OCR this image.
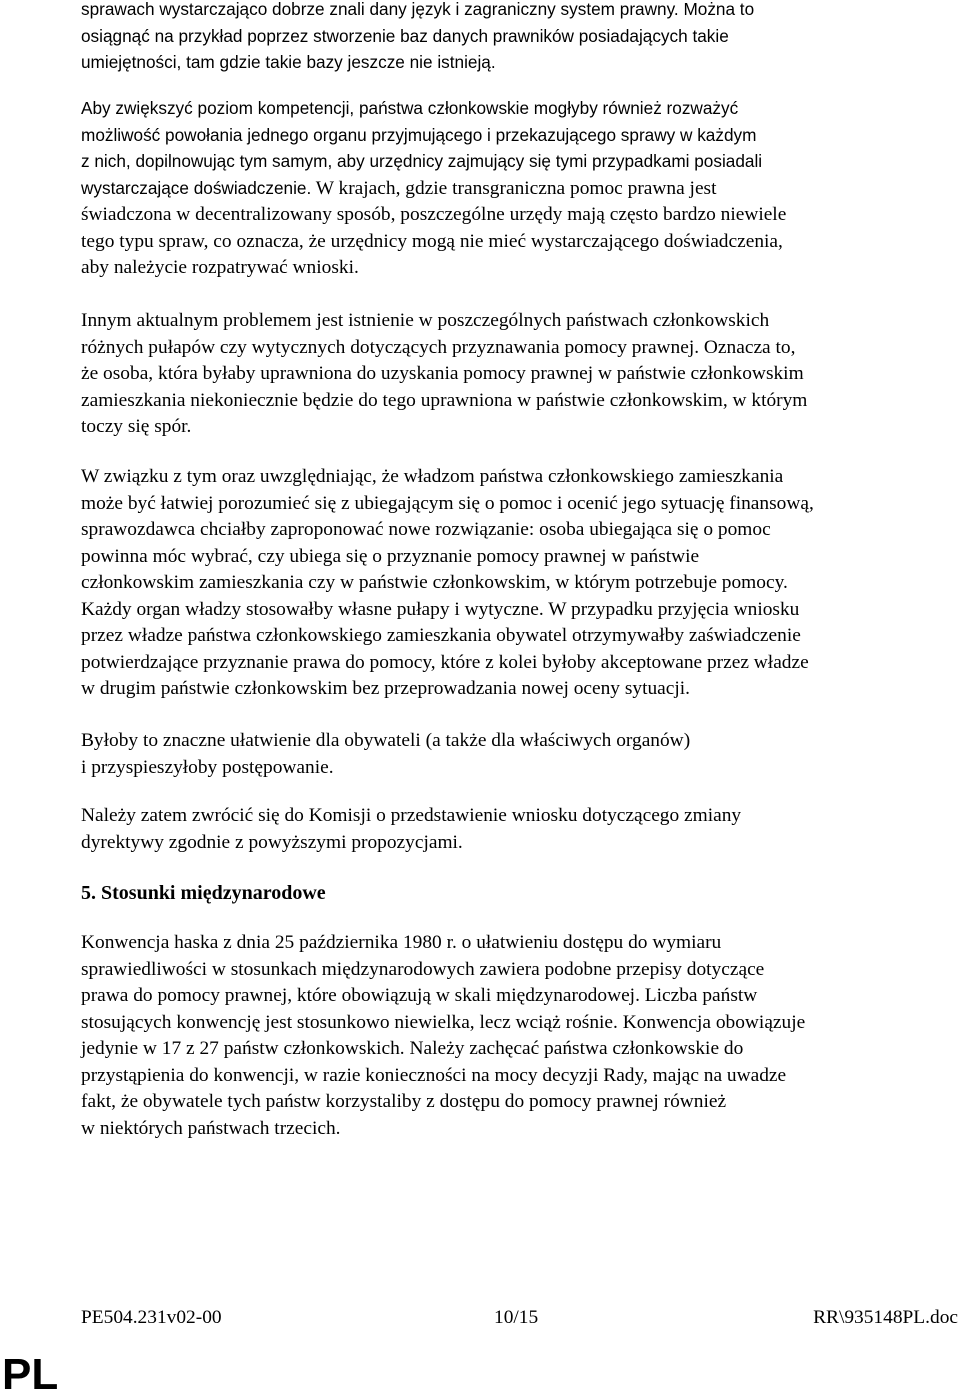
sprawach wystarczająco dobrze znali dany język i zagraniczny system prawny. Można to

osiągnąć na przykład poprzez stworzenie baz danych prawników posiadających takie

umiejętności, tam gdzie takie bazy jeszcze nie istnieją.

Aby zwiększyć poziom kompetencji, państwa członkowskie mogłyby również rozważyć

możliwość powołania jednego organu przyjmującego i przekazującego sprawy w każdym

z nich, dopilnowując tym samym, aby urzędnicy zajmujący się tymi przypadkami posiadali

wystarczające doświadczenie. W krajach, gdzie transgraniczna pomoc prawna jest

świadczona w decentralizowany sposób, poszczególne urzędy mają często bardzo niewiele

tego typu spraw, co oznacza, że urzędnicy mogą nie mieć wystarczającego doświadczenia,

aby należycie rozpatrywać wnioski.

Innym aktualnym problemem jest istnienie w poszczególnych państwach członkowskich

różnych pułapów czy wytycznych dotyczących przyznawania pomocy prawnej. Oznacza to,

że osoba, która byłaby uprawniona do uzyskania pomocy prawnej w państwie członkowskim

zamieszkania niekoniecznie będzie do tego uprawniona w państwie członkowskim, w którym

toczy się spór.

W związku z tym oraz uwzględniając, że władzom państwa członkowskiego zamieszkania

może być łatwiej porozumieć się z ubiegającym się o pomoc i ocenić jego sytuację finansową,

sprawozdawca chciałby zaproponować nowe rozwiązanie: osoba ubiegająca się o pomoc

powinna móc wybrać, czy ubiega się o przyznanie pomocy prawnej w państwie

członkowskim zamieszkania czy w państwie członkowskim, w którym potrzebuje pomocy.

Każdy organ władzy stosowałby własne pułapy i wytyczne. W przypadku przyjęcia wniosku

przez władze państwa członkowskiego zamieszkania obywatel otrzymywałby zaświadczenie

potwierdzające przyznanie prawa do pomocy, które z kolei byłoby akceptowane przez władze

w drugim państwie członkowskim bez przeprowadzania nowej oceny sytuacji.

Byłoby to znaczne ułatwienie dla obywateli (a także dla właściwych organów)

i przyspieszyłoby postępowanie.

Należy zatem zwrócić się do Komisji o przedstawienie wniosku dotyczącego zmiany

dyrektywy zgodnie z powyższymi propozycjami.

5. Stosunki międzynarodowe

Konwencja haska z dnia 25 października 1980 r. o ułatwieniu dostępu do wymiaru

sprawiedliwości w stosunkach międzynarodowych zawiera podobne przepisy dotyczące

prawa do pomocy prawnej, które obowiązują w skali międzynarodowej. Liczba państw

stosujących konwencję jest stosunkowo niewielka, lecz wciąż rośnie. Konwencja obowiązuje

jedynie w 17 z 27 państw członkowskich. Należy zachęcać państwa członkowskie do

przystąpienia do konwencji, w razie konieczności na mocy decyzji Rady, mając na uwadze

fakt, że obywatele tych państw korzystaliby z dostępu do pomocy prawnej również

w niektórych państwach trzecich.

PE504.231v02-00	10/15	RR\935148PL.doc
PL
